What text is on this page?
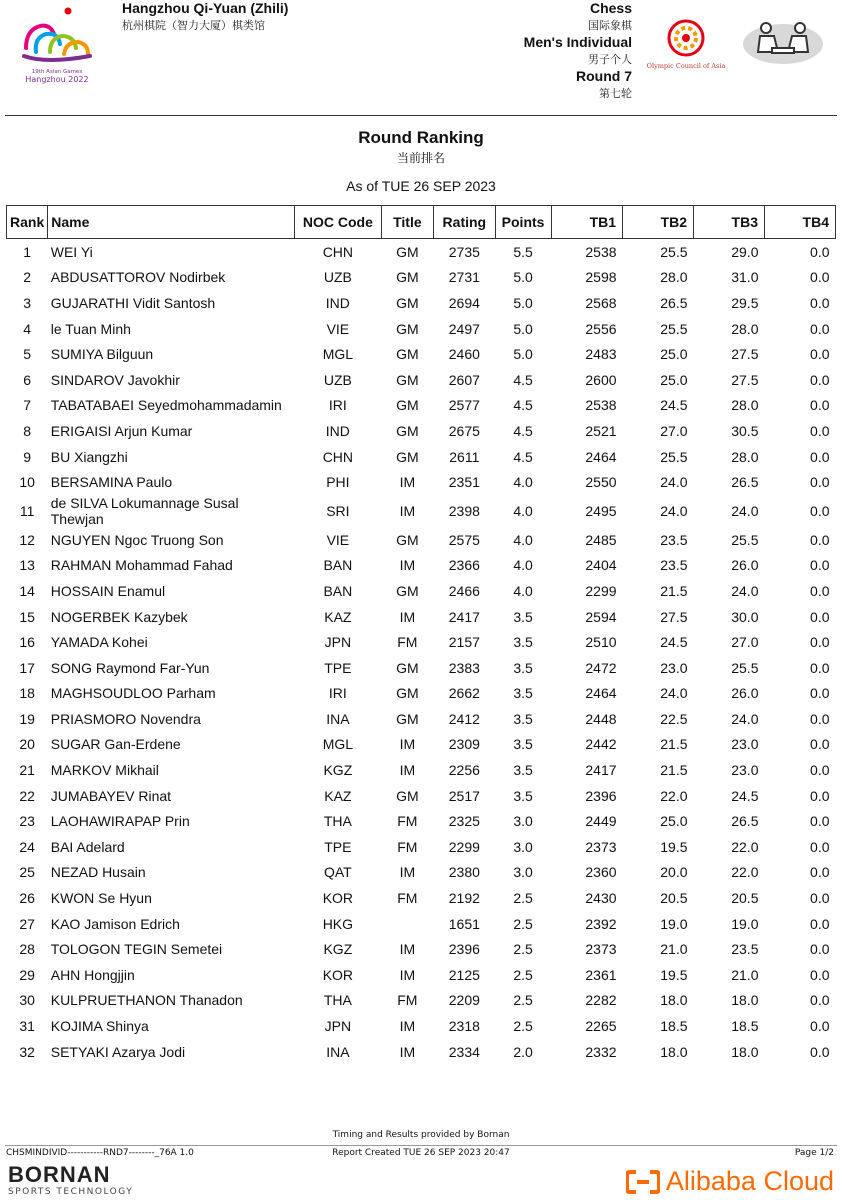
19th Asian Games
Hangzhou 2022
Hangzhou Qi-Yuan (Zhili)
杭州棋院（智力大厦）棋类馆
Chess
国际象棋
Men's Individual
男子个人
Round 7
第七轮
Olympic Council of Asia
Round Ranking
当前排名
As of TUE 26 SEP 2023
Rank	Name	NOC Code	Title	Rating	Points	TB1	TB2	TB3	TB4
1	WEI Yi	CHN	GM	2735	5.5	2538	25.5	29.0	0.0
2	ABDUSATTOROV Nodirbek	UZB	GM	2731	5.0	2598	28.0	31.0	0.0
3	GUJARATHI Vidit Santosh	IND	GM	2694	5.0	2568	26.5	29.5	0.0
4	le Tuan Minh	VIE	GM	2497	5.0	2556	25.5	28.0	0.0
5	SUMIYA Bilguun	MGL	GM	2460	5.0	2483	25.0	27.5	0.0
6	SINDAROV Javokhir	UZB	GM	2607	4.5	2600	25.0	27.5	0.0
7	TABATABAEI Seyedmohammadamin	IRI	GM	2577	4.5	2538	24.5	28.0	0.0
8	ERIGAISI Arjun Kumar	IND	GM	2675	4.5	2521	27.0	30.5	0.0
9	BU Xiangzhi	CHN	GM	2611	4.5	2464	25.5	28.0	0.0
10	BERSAMINA Paulo	PHI	IM	2351	4.0	2550	24.0	26.5	0.0
11	de SILVA Lokumannage Susal Thewjan	SRI	IM	2398	4.0	2495	24.0	24.0	0.0
12	NGUYEN Ngoc Truong Son	VIE	GM	2575	4.0	2485	23.5	25.5	0.0
13	RAHMAN Mohammad Fahad	BAN	IM	2366	4.0	2404	23.5	26.0	0.0
14	HOSSAIN Enamul	BAN	GM	2466	4.0	2299	21.5	24.0	0.0
15	NOGERBEK Kazybek	KAZ	IM	2417	3.5	2594	27.5	30.0	0.0
16	YAMADA Kohei	JPN	FM	2157	3.5	2510	24.5	27.0	0.0
17	SONG Raymond Far-Yun	TPE	GM	2383	3.5	2472	23.0	25.5	0.0
18	MAGHSOUDLOO Parham	IRI	GM	2662	3.5	2464	24.0	26.0	0.0
19	PRIASMORO Novendra	INA	GM	2412	3.5	2448	22.5	24.0	0.0
20	SUGAR Gan-Erdene	MGL	IM	2309	3.5	2442	21.5	23.0	0.0
21	MARKOV Mikhail	KGZ	IM	2256	3.5	2417	21.5	23.0	0.0
22	JUMABAYEV Rinat	KAZ	GM	2517	3.5	2396	22.0	24.5	0.0
23	LAOHAWIRAPAP Prin	THA	FM	2325	3.0	2449	25.0	26.5	0.0
24	BAI Adelard	TPE	FM	2299	3.0	2373	19.5	22.0	0.0
25	NEZAD Husain	QAT	IM	2380	3.0	2360	20.0	22.0	0.0
26	KWON Se Hyun	KOR	FM	2192	2.5	2430	20.5	20.5	0.0
27	KAO Jamison Edrich	HKG		1651	2.5	2392	19.0	19.0	0.0
28	TOLOGON TEGIN Semetei	KGZ	IM	2396	2.5	2373	21.0	23.5	0.0
29	AHN Hongjjin	KOR	IM	2125	2.5	2361	19.5	21.0	0.0
30	KULPRUETHANON Thanadon	THA	FM	2209	2.5	2282	18.0	18.0	0.0
31	KOJIMA Shinya	JPN	IM	2318	2.5	2265	18.5	18.5	0.0
32	SETYAKI Azarya Jodi	INA	IM	2334	2.0	2332	18.0	18.0	0.0
Timing and Results provided by Bornan
CHSMINDIVID-----------RND7--------_76A 1.0	Report Created TUE 26 SEP 2023 20:47	Page 1/2
BORNAN
SPORTS TECHNOLOGY	Alibaba Cloud
